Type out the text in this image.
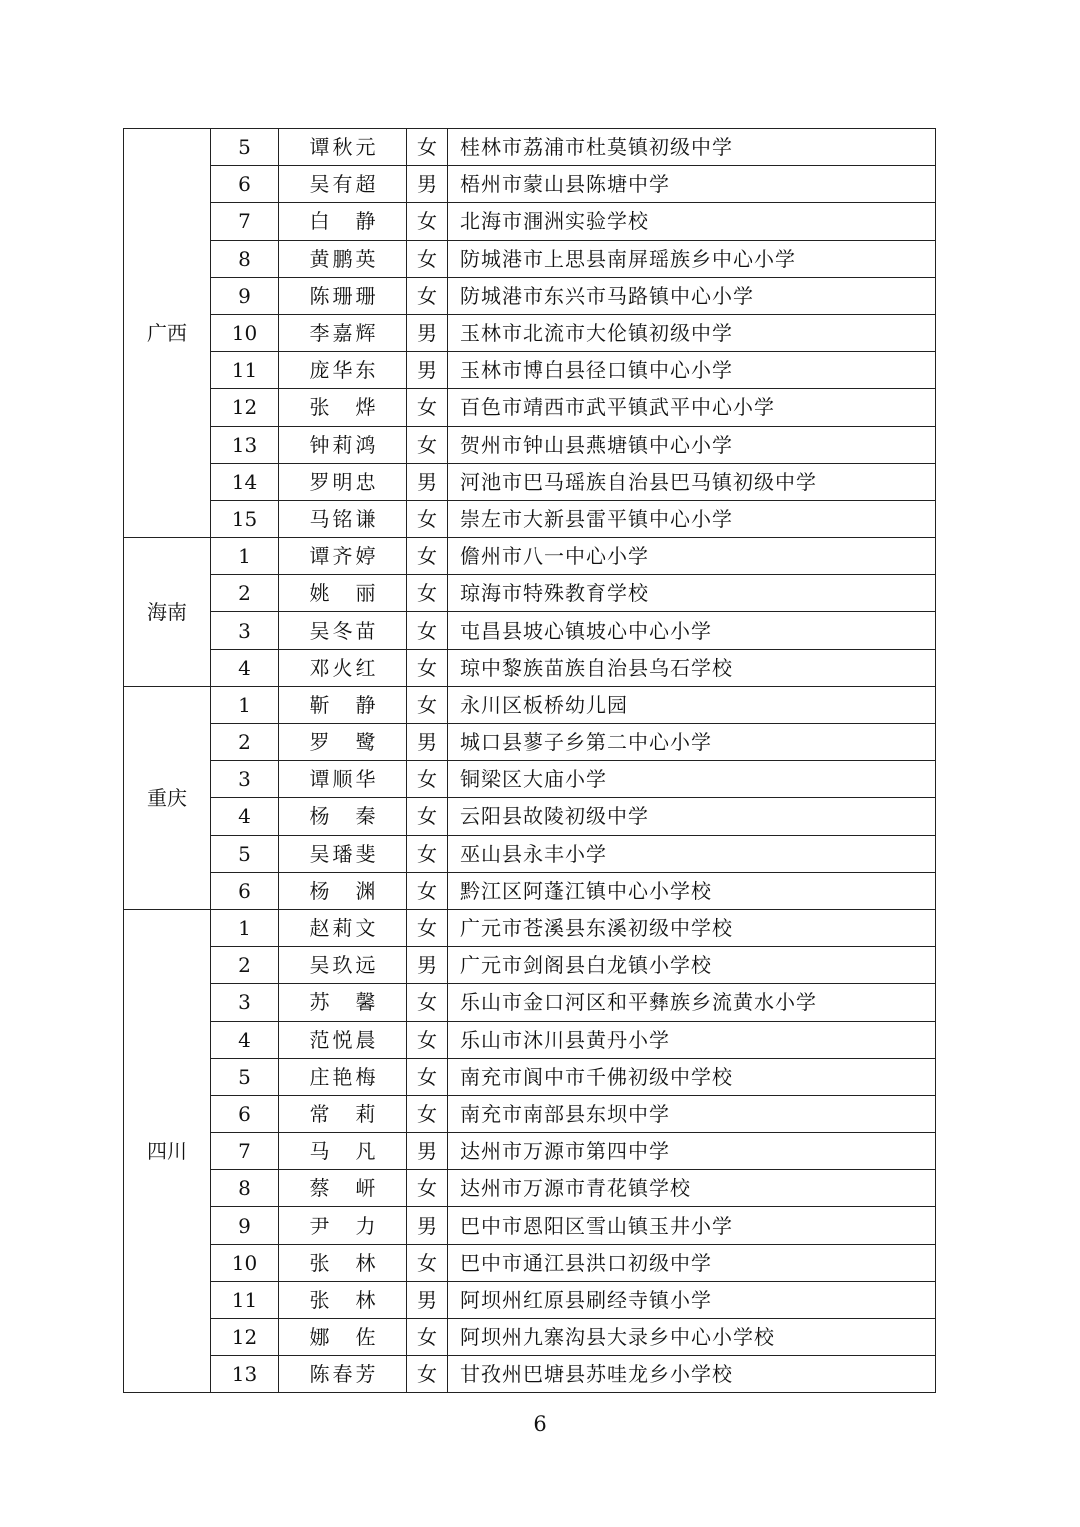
广西	5	谭秋元	女	桂林市荔浦市杜莫镇初级中学
	6	吴有超	男	梧州市蒙山县陈塘中学
	7	白静	女	北海市涠洲实验学校
	8	黄鹏英	女	防城港市上思县南屏瑶族乡中心小学
	9	陈珊珊	女	防城港市东兴市马路镇中心小学
	10	李嘉辉	男	玉林市北流市大伦镇初级中学
	11	庞华东	男	玉林市博白县径口镇中心小学
	12	张烨	女	百色市靖西市武平镇武平中心小学
	13	钟莉鸿	女	贺州市钟山县燕塘镇中心小学
	14	罗明忠	男	河池市巴马瑶族自治县巴马镇初级中学
	15	马铭谦	女	崇左市大新县雷平镇中心小学
海南	1	谭齐婷	女	儋州市八一中心小学
	2	姚丽	女	琼海市特殊教育学校
	3	吴冬苗	女	屯昌县坡心镇坡心中心小学
	4	邓火红	女	琼中黎族苗族自治县乌石学校
重庆	1	靳静	女	永川区板桥幼儿园
	2	罗鹭	男	城口县蓼子乡第二中心小学
	3	谭顺华	女	铜梁区大庙小学
	4	杨秦	女	云阳县故陵初级中学
	5	吴璠斐	女	巫山县永丰小学
	6	杨渊	女	黔江区阿蓬江镇中心小学校
四川	1	赵莉文	女	广元市苍溪县东溪初级中学校
	2	吴玖远	男	广元市剑阁县白龙镇小学校
	3	苏馨	女	乐山市金口河区和平彝族乡流黄水小学
	4	范悦晨	女	乐山市沐川县黄丹小学
	5	庄艳梅	女	南充市阆中市千佛初级中学校
	6	常莉	女	南充市南部县东坝中学
	7	马凡	男	达州市万源市第四中学
	8	蔡岍	女	达州市万源市青花镇学校
	9	尹力	男	巴中市恩阳区雪山镇玉井小学
	10	张林	女	巴中市通江县洪口初级中学
	11	张林	男	阿坝州红原县刷经寺镇小学
	12	娜佐	女	阿坝州九寨沟县大录乡中心小学校
	13	陈春芳	女	甘孜州巴塘县苏哇龙乡小学校
6
